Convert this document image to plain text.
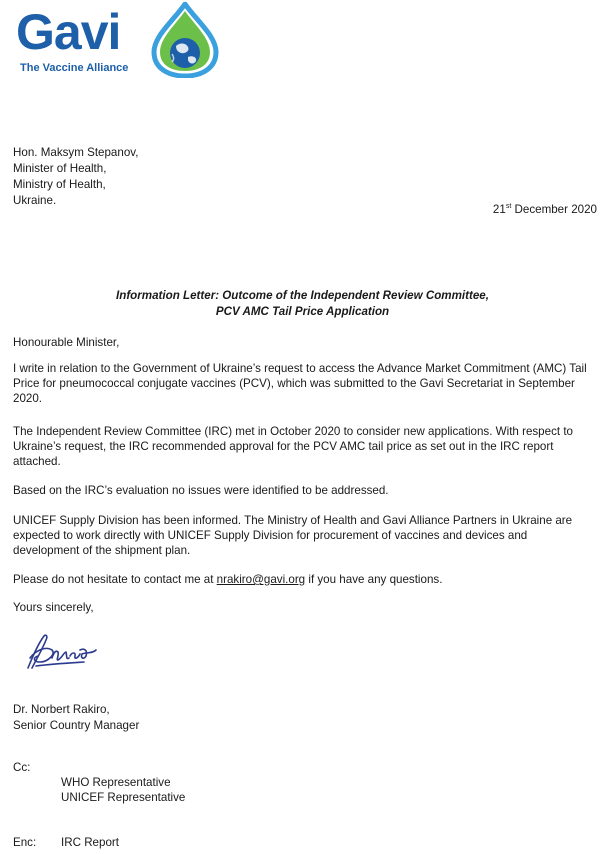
Gavi
The Vaccine Alliance
Hon. Maksym Stepanov,
Minister of Health,
Ministry of Health,
Ukraine.
21st December 2020
Information Letter: Outcome of the Independent Review Committee,
PCV AMC Tail Price Application
Honourable Minister,
I write in relation to the Government of Ukraine’s request to access the Advance Market Commitment (AMC) Tail Price for pneumococcal conjugate vaccines (PCV), which was submitted to the Gavi Secretariat in September 2020.
The Independent Review Committee (IRC) met in October 2020 to consider new applications. With respect to Ukraine’s request, the IRC recommended approval for the PCV AMC tail price as set out in the IRC report attached.
Based on the IRC’s evaluation no issues were identified to be addressed.
UNICEF Supply Division has been informed. The Ministry of Health and Gavi Alliance Partners in Ukraine are expected to work directly with UNICEF Supply Division for procurement of vaccines and devices and development of the shipment plan.
Please do not hesitate to contact me at nrakiro@gavi.org if you have any questions.
Yours sincerely,
Dr. Norbert Rakiro,
Senior Country Manager
Cc:
WHO Representative
UNICEF Representative
Enc: IRC Report
